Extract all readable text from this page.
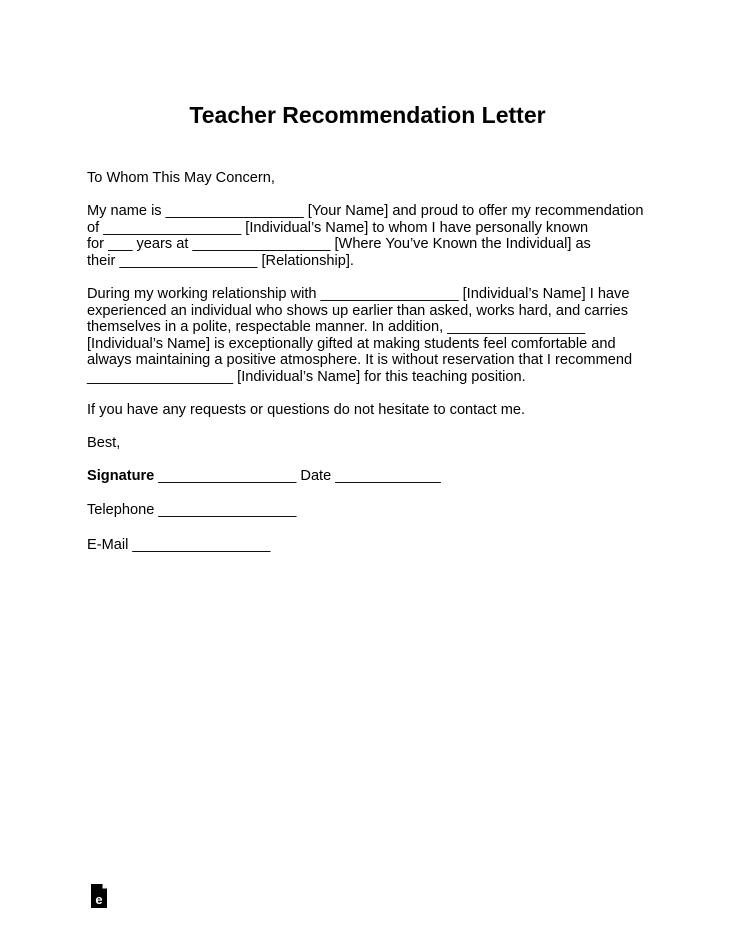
Teacher Recommendation Letter
To Whom This May Concern,
My name is _________________ [Your Name] and proud to offer my recommendation
of _________________ [Individual’s Name] to whom I have personally known
for ___ years at _________________ [Where You’ve Known the Individual] as
their _________________ [Relationship].
During my working relationship with _________________ [Individual’s Name] I have
experienced an individual who shows up earlier than asked, works hard, and carries
themselves in a polite, respectable manner. In addition, _________________
[Individual’s Name] is exceptionally gifted at making students feel comfortable and
always maintaining a positive atmosphere. It is without reservation that I recommend
__________________ [Individual’s Name] for this teaching position.
If you have any requests or questions do not hesitate to contact me.
Best,
Signature _________________ Date _____________
Telephone _________________
E-Mail _________________
e
